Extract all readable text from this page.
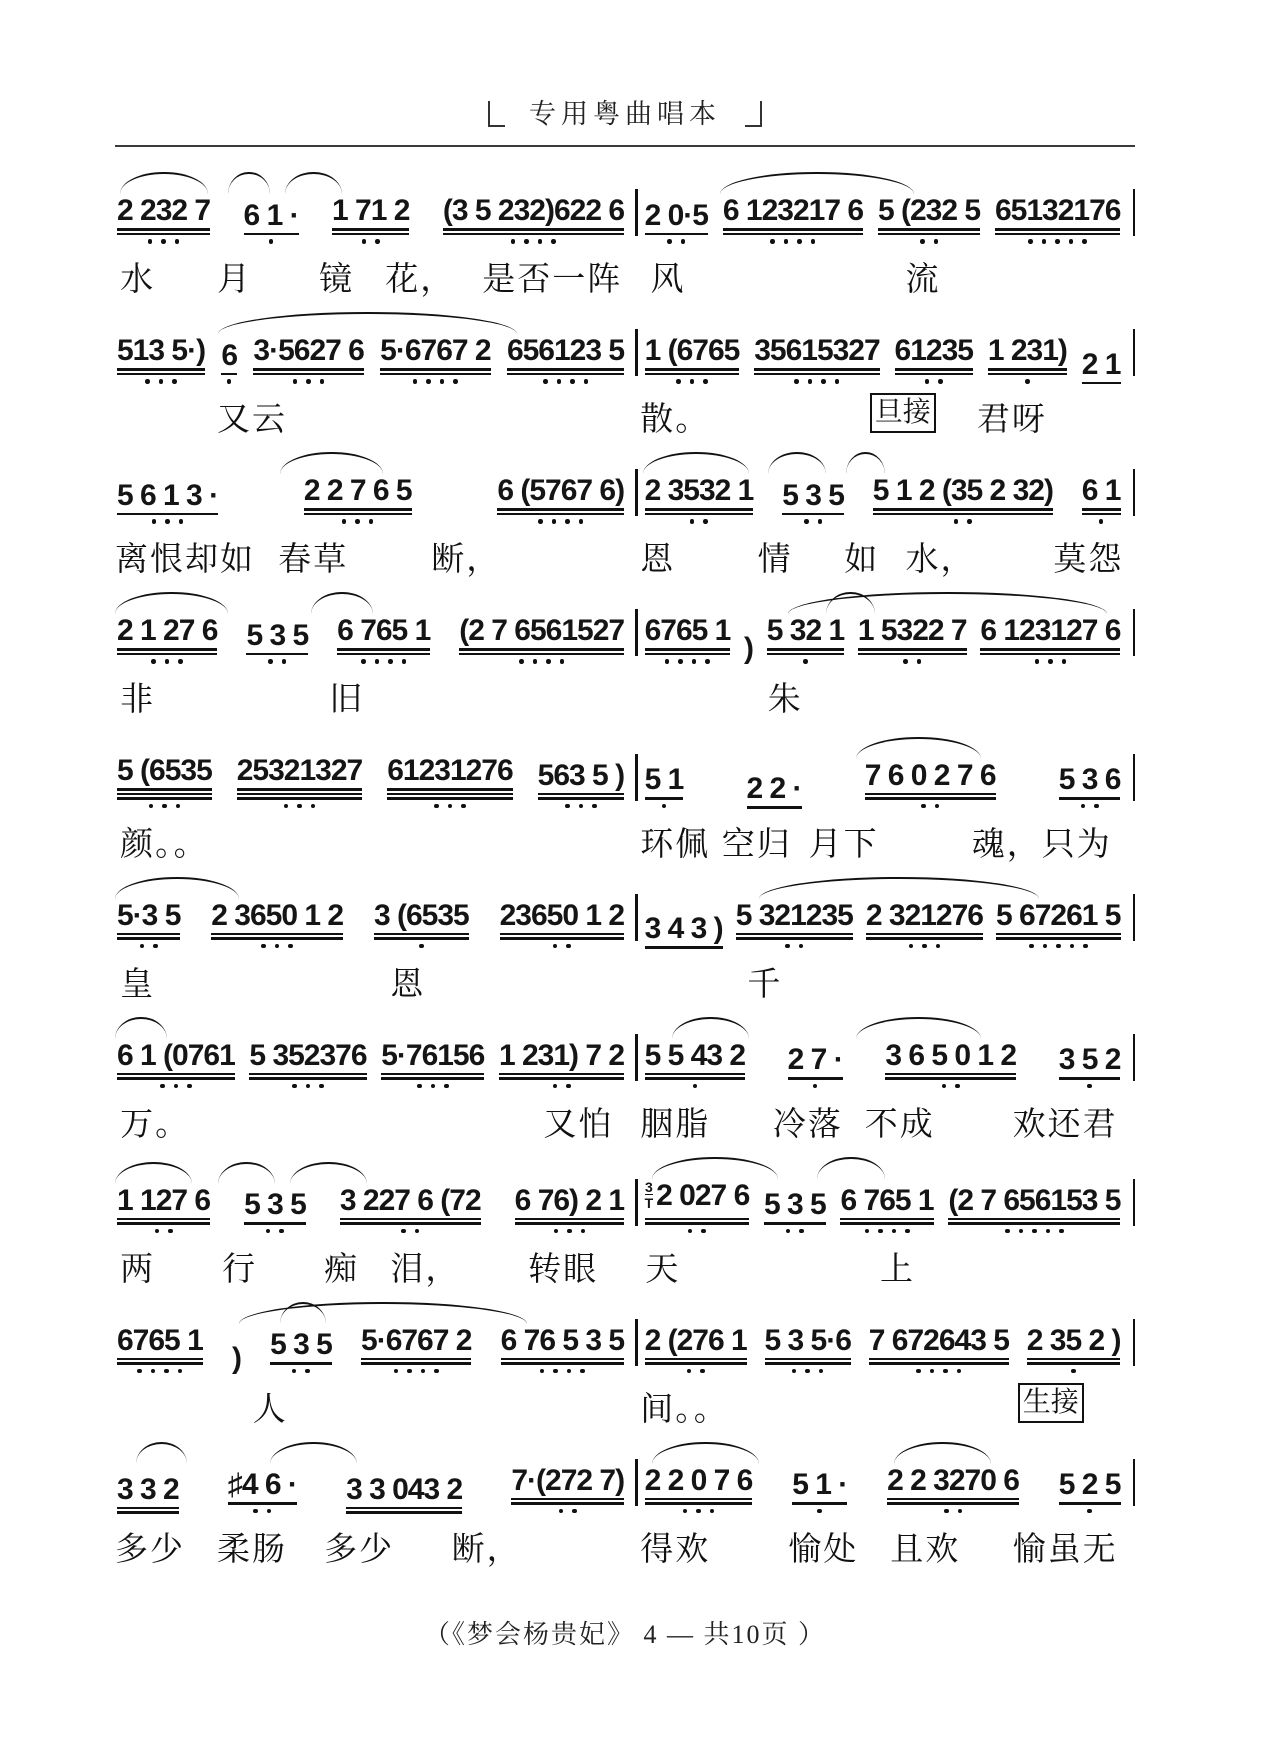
专用粤曲唱本
2 232 7 6 1 · 1 71 2 (3 5 232)622 6 2 0·5 6 123217 6 5 (232 5 65132176
水 月 镜 花， 是否一阵 风	流
513 5·) 6 3·5627 6 5·6767 2 656123 5 1 (6765 35615327 61235 1 231) 2 1
又云	散。	旦接 君呀
5 6 1 3 ·	2 2 7 6 5	6 (5767 6) 2 3532 1 5 3 5 5 1 2 (35 2 32) 6 1
离恨却如 春草	断，	恩 情 如 水， 莫怨
2 1 27 6 5 3 5 6 765 1 (2 7 6561527 6765 1
)
5 32 1 1 5322 7 6 123127 6
非	旧	朱
5 (6535 25321327 61231276 563 5 ) 5 1 2 2 · 7 6 0 2 7 6 5 3 6
颜。。	环佩 空归 月下	魂，只为
5·3 5 2 3650 1 2 3 (6535 23650 1 2 3 4 3 ) 5 321235 2 321276 5 67261 5
皇	恩	千
6 1 (0761 5 352376 5·76156 1 231) 7 2 5 5 43 2 2 7 · 3 6 5 0 1 2 3 5 2
万。	又怕 胭脂 冷落 不成 欢还君
1 127 6 5 3 5 3 227 6 (72 6 76) 2 1 3
T 2 027 6 5 3 5 6 765 1 (2 7 656153 5
两 行 痴 泪， 转眼 天	上
6765 1
) 5 3 5 5·6767 2 6 76 5 3 5 2 (276 1 5 3 5·6 7 672643 5 2 35 2 )
人	间。。	生接
3 3 2 ♯4 6 · 3 3 043 2 7·(272 7) 2 2 0 7 6 5 1 · 2 2 3270 6 5 2 5
多少 柔肠 多少 断，	得欢 愉处 且欢 愉虽无
（《梦会杨贵妃》 4 — 共10页 ）
